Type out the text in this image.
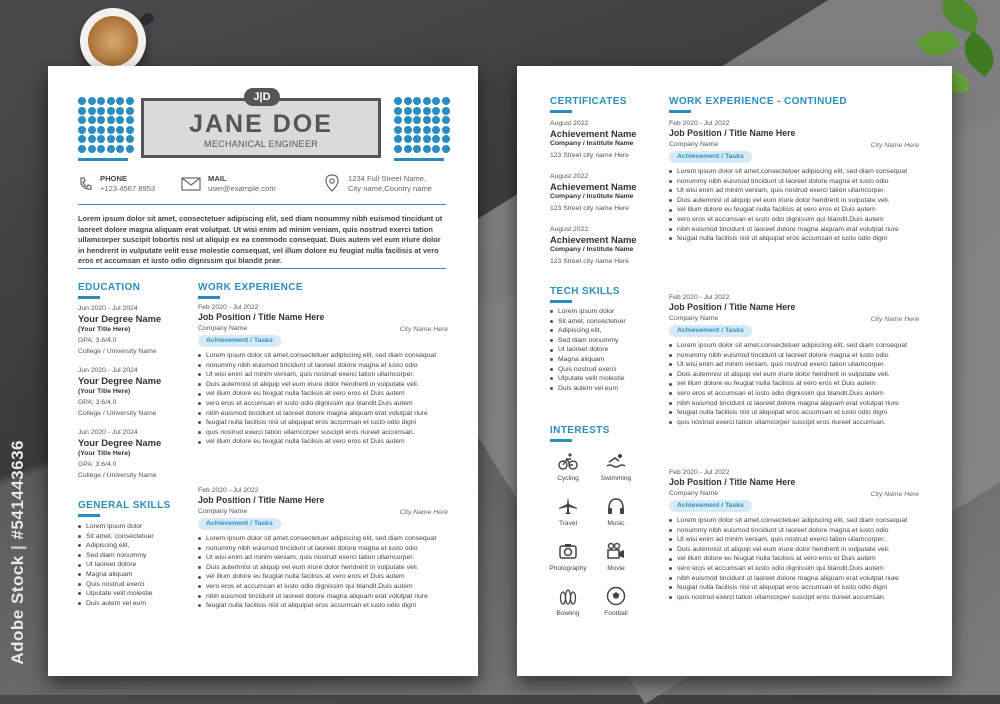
Adobe Stock | #541443636
JANE DOE
MECHANICAL ENGINEER
J|D
PHONE
+123 4567 8953
MAIL
user@example.com
1234 Full Street Name,
City name,Country name
Lorem ipsum dolor sit amet, consectetuer adipiscing elit, sed diam nonummy nibh euismod tincidunt ut laoreet dolore magna aliquam erat volutpat. Ut wisi enim ad minim veniam, quis nostrud exerci tation ullamcorper suscipit lobortis nisl ut aliquip ex ea commodo consequat. Duis autem vel eum iriure dolor in hendrerit in vulputate velit esse molestie consequat, vel illum dolore eu feugiat nulla facilisis at vero eros et accumsan et iusto odio dignissim qui blandit prae.
EDUCATION
Jun 2020 - Jul 2024
Your Degree Name
(Your Title Here)
GPA: 3.6/4.0
College / University Name
Jun 2020 - Jul 2024
Your Degree Name
(Your Title Here)
GPA: 3.6/4.0
College / University Name
Jun 2020 - Jul 2024
Your Degree Name
(Your Title Here)
GPA: 3.6/4.0
College / University Name
GENERAL SKILLS
Lorem ipsum dolor
Sit amet, consectetuer
Adipiscing elit,
Sed diam nonummy
Ut laoreet dolore
Magna aliquam
Quis nostrud exerci
Ulputate velit molestie
Duis autem vel eum
WORK EXPERIENCE
Feb 2020 - Jul 2022
Job Position / Title Name Here
Company Name	City Name Here
Achievement / Tasks
Lorem ipsum dolor sit amet,consectetuer adipiscing elit, sed diam consequat
nonummy nibh euismod tincidunt ut laoreet dolore magna et iusto odio
Ut wisi enim ad minim veniam, quis nostrud exerci tation ullamcorper.
Duis autemnisl ut aliquip vel eum iriure dolor hendrerit in vulputate veli.
vel illum dolore eu feugiat nulla facilisis at vero eros et Duis autem
vero eros et accumsan et iusto odio dignissim qui blandit.Duis autem
nibh euismod tincidunt ut laoreet dolore magna aliquam erat volutpat riure
feugiat nulla facilisis nisl ut aliquipat eros accumsan et iusto odio digni
quis nostrud exerci tation ullamcorper suscipit eros riureet accumsan.
vel illum dolore eu feugiat nulla facilisis at vero eros et Duis autem
Feb 2020 - Jul 2022
Job Position / Title Name Here
Company Name	City Name Here
Achievement / Tasks
Lorem ipsum dolor sit amet,consectetuer adipiscing elit, sed diam consequat
nonummy nibh euismod tincidunt ut laoreet dolore magna et iusto odio
Ut wisi enim ad minim veniam, quis nostrud exerci tation ullamcorper.
Duis autemnisl ut aliquip vel eum iriure dolor hendrerit in vulputate veli.
vel illum dolore eu feugiat nulla facilisis at vero eros et Duis autem
vero eros et accumsan et iusto odio dignissim qui blandit.Duis autem
nibh euismod tincidunt ut laoreet dolore magna aliquam erat volutpat riure
feugiat nulla facilisis nisl ut aliquipat eros accumsan et iusto odio digni
CERTIFICATES
August 2022
Achievement Name
Company / Institute Name
123 Street city name Here
August 2022
Achievement Name
Company / Institute Name
123 Street city name Here
August 2022
Achievement Name
Company / Institute Name
123 Street city name Here
TECH SKILLS
Lorem ipsum dolor
Sit amet, consectetuer
Adipiscing elit,
Sed diam nonummy
Ut laoreet dolore
Magna aliquam
Quis nostrud exerci
Ulputate velit molestie
Duis autem vel eum
INTERESTS
Cycling	Swimming
Travel	Music
Photography	Movie
Bowling	Football
WORK EXPERIENCE - CONTINUED
Feb 2020 - Jul 2022
Job Position / Title Name Here
Company Name	City Name Here
Achievement / Tasks
Lorem ipsum dolor sit amet,consectetuer adipiscing elit, sed diam consequat
nonummy nibh euismod tincidunt ut laoreet dolore magna et iusto odio
Ut wisi enim ad minim veniam, quis nostrud exerci tation ullamcorper.
Duis autemnisl ut aliquip vel eum iriure dolor hendrerit in vulputate veli.
vel illum dolore eu feugiat nulla facilisis at vero eros et Duis autem
vero eros et accumsan et iusto odio dignissim qui blandit.Duis autem
nibh euismod tincidunt ut laoreet dolore magna aliquam erat volutpat riure
feugiat nulla facilisis nisl ut aliquipat eros accumsan et iusto odio digni
Feb 2020 - Jul 2022
Job Position / Title Name Here
Company Name	City Name Here
Achievement / Tasks
Lorem ipsum dolor sit amet,consectetuer adipiscing elit, sed diam consequat
nonummy nibh euismod tincidunt ut laoreet dolore magna et iusto odio
Ut wisi enim ad minim veniam, quis nostrud exerci tation ullamcorper.
Duis autemnisl ut aliquip vel eum iriure dolor hendrerit in vulputate veli.
vel illum dolore eu feugiat nulla facilisis at vero eros et Duis autem
vero eros et accumsan et iusto odio dignissim qui blandit.Duis autem
nibh euismod tincidunt ut laoreet dolore magna aliquam erat volutpat riure
feugiat nulla facilisis nisl ut aliquipat eros accumsan et iusto odio digni
quis nostrud exerci tation ullamcorper suscipit eros riureet accumsan.
Feb 2020 - Jul 2022
Job Position / Title Name Here
Company Name	City Name Here
Achievement / Tasks
Lorem ipsum dolor sit amet,consectetuer adipiscing elit, sed diam consequat
nonummy nibh euismod tincidunt ut laoreet dolore magna et iusto odio
Ut wisi enim ad minim veniam, quis nostrud exerci tation ullamcorper.
Duis autemnisl ut aliquip vel eum iriure dolor hendrerit in vulputate veli.
vel illum dolore eu feugiat nulla facilisis at vero eros et Duis autem
vero eros et accumsan et iusto odio dignissim qui blandit.Duis autem
nibh euismod tincidunt ut laoreet dolore magna aliquam erat volutpat riure
feugiat nulla facilisis nisl ut aliquipat eros accumsan et iusto odio digni
quis nostrud exerci tation ullamcorper suscipit eros riureet accumsan.
